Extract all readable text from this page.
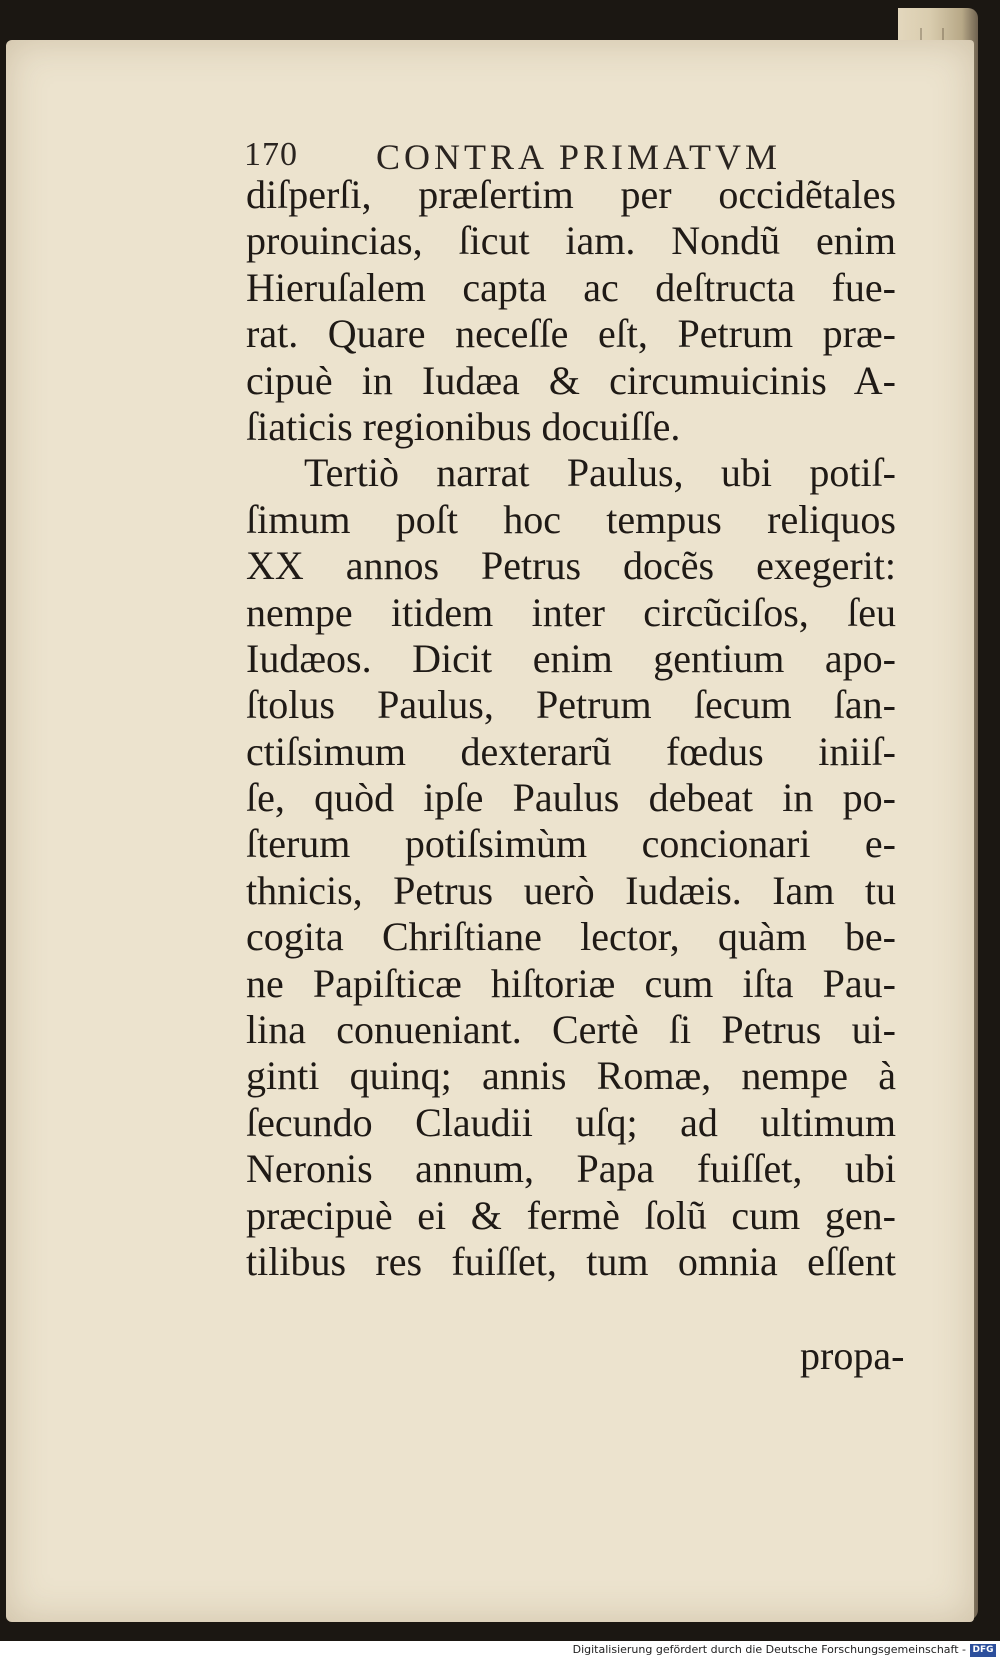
170 CONTRA PRIMATVM
diſperſi, præſertim per occidẽtales
prouincias, ſicut iam. Nondũ enim
Hieruſalem capta ac deſtructa fue-
rat. Quare neceſſe eſt, Petrum præ-
cipuè in Iudæa & circumuicinis A-
ſiaticis regionibus docuiſſe.
Tertiò narrat Paulus, ubi potiſ-
ſimum poſt hoc tempus reliquos
XX annos Petrus docẽs exegerit:
nempe itidem inter circũciſos, ſeu
Iudæos. Dicit enim gentium apo-
ſtolus Paulus, Petrum ſecum ſan-
ctiſsimum dexterarũ fœdus iniiſ-
ſe, quòd ipſe Paulus debeat in po-
ſterum potiſsimùm concionari e-
thnicis, Petrus uerò Iudæis. Iam tu
cogita Chriſtiane lector, quàm be-
ne Papiſticæ hiſtoriæ cum iſta Pau-
lina conueniant. Certè ſi Petrus ui-
ginti quinq; annis Romæ, nempe à
ſecundo Claudii uſq; ad ultimum
Neronis annum, Papa fuiſſet, ubi
præcipuè ei & fermè ſolũ cum gen-
tilibus res fuiſſet, tum omnia eſſent
propa-
Digitalisierung gefördert durch die Deutsche Forschungsgemeinschaft - DFG
